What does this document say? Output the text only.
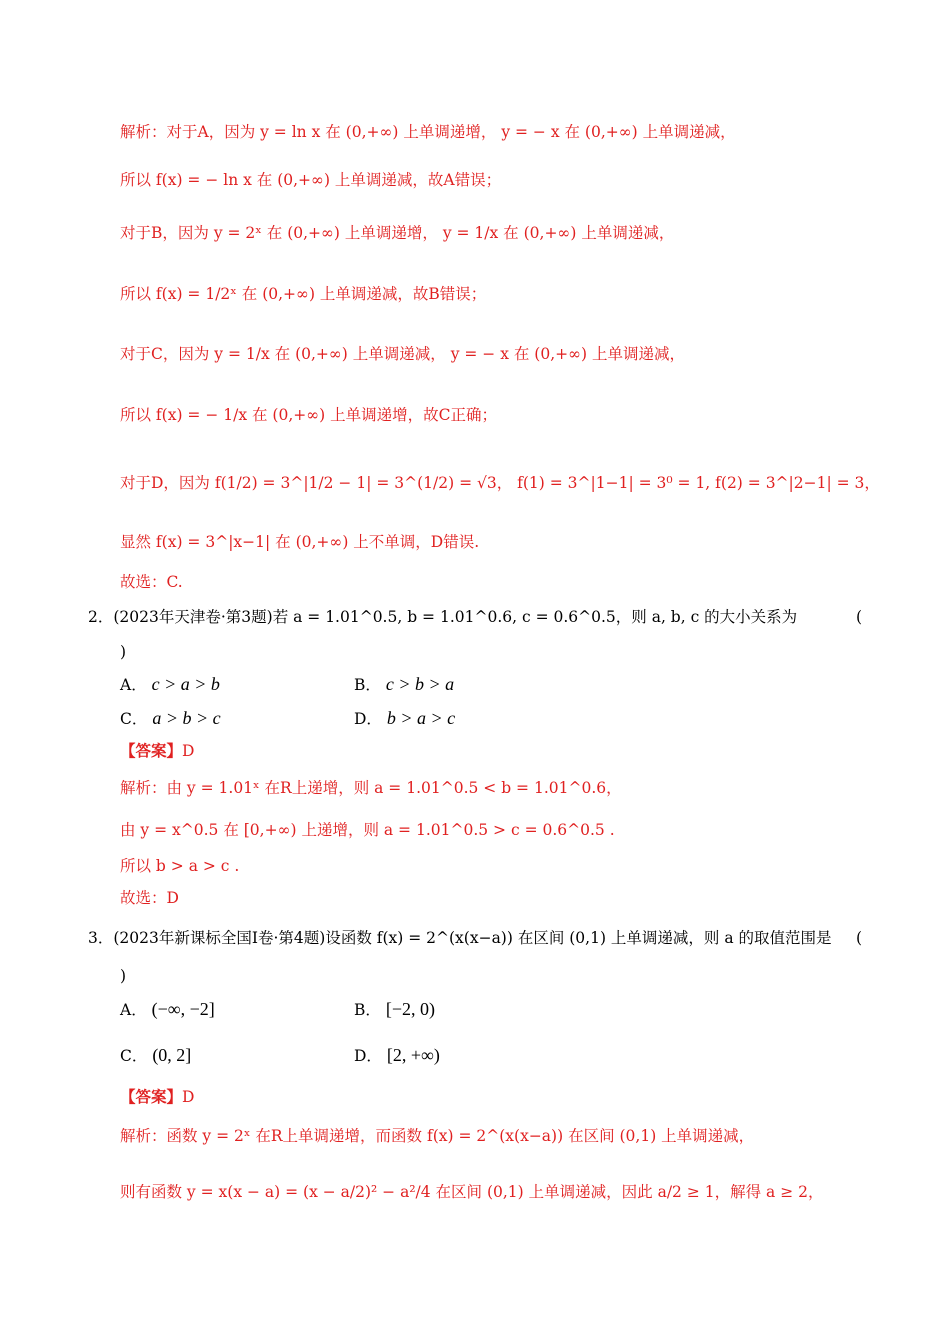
解析：对于A，因为 y = ln x 在 (0,+∞) 上单调递增， y = − x 在 (0,+∞) 上单调递减，
所以 f(x) = − ln x 在 (0,+∞) 上单调递减，故A错误；
对于B，因为 y = 2ˣ 在 (0,+∞) 上单调递增， y = 1/x 在 (0,+∞) 上单调递减，
所以 f(x) = 1/2ˣ 在 (0,+∞) 上单调递减，故B错误；
对于C，因为 y = 1/x 在 (0,+∞) 上单调递减， y = − x 在 (0,+∞) 上单调递减，
所以 f(x) = − 1/x 在 (0,+∞) 上单调递增，故C正确；
对于D，因为 f(1/2) = 3^|1/2 − 1| = 3^(1/2) = √3， f(1) = 3^|1−1| = 3⁰ = 1, f(2) = 3^|2−1| = 3，
显然 f(x) = 3^|x−1| 在 (0,+∞) 上不单调，D错误.
故选：C.
2．(2023年天津卷·第3题)若 a = 1.01^0.5, b = 1.01^0.6, c = 0.6^0.5，则 a, b, c 的大小关系为	(
)
A． c > a > b	B． c > b > a
C． a > b > c	D． b > a > c
【答案】D
解析：由 y = 1.01ˣ 在R上递增，则 a = 1.01^0.5 < b = 1.01^0.6，
由 y = x^0.5 在 [0,+∞) 上递增，则 a = 1.01^0.5 > c = 0.6^0.5 .
所以 b > a > c .
故选：D
3．(2023年新课标全国Ⅰ卷·第4题)设函数 f(x) = 2^(x(x−a)) 在区间 (0,1) 上单调递减，则 a 的取值范围是 (
)
A． (−∞, −2]	B． [−2, 0)
C． (0, 2]	D． [2, +∞)
【答案】D
解析：函数 y = 2ˣ 在R上单调递增，而函数 f(x) = 2^(x(x−a)) 在区间 (0,1) 上单调递减，
则有函数 y = x(x − a) = (x − a/2)² − a²/4 在区间 (0,1) 上单调递减，因此 a/2 ≥ 1，解得 a ≥ 2，
